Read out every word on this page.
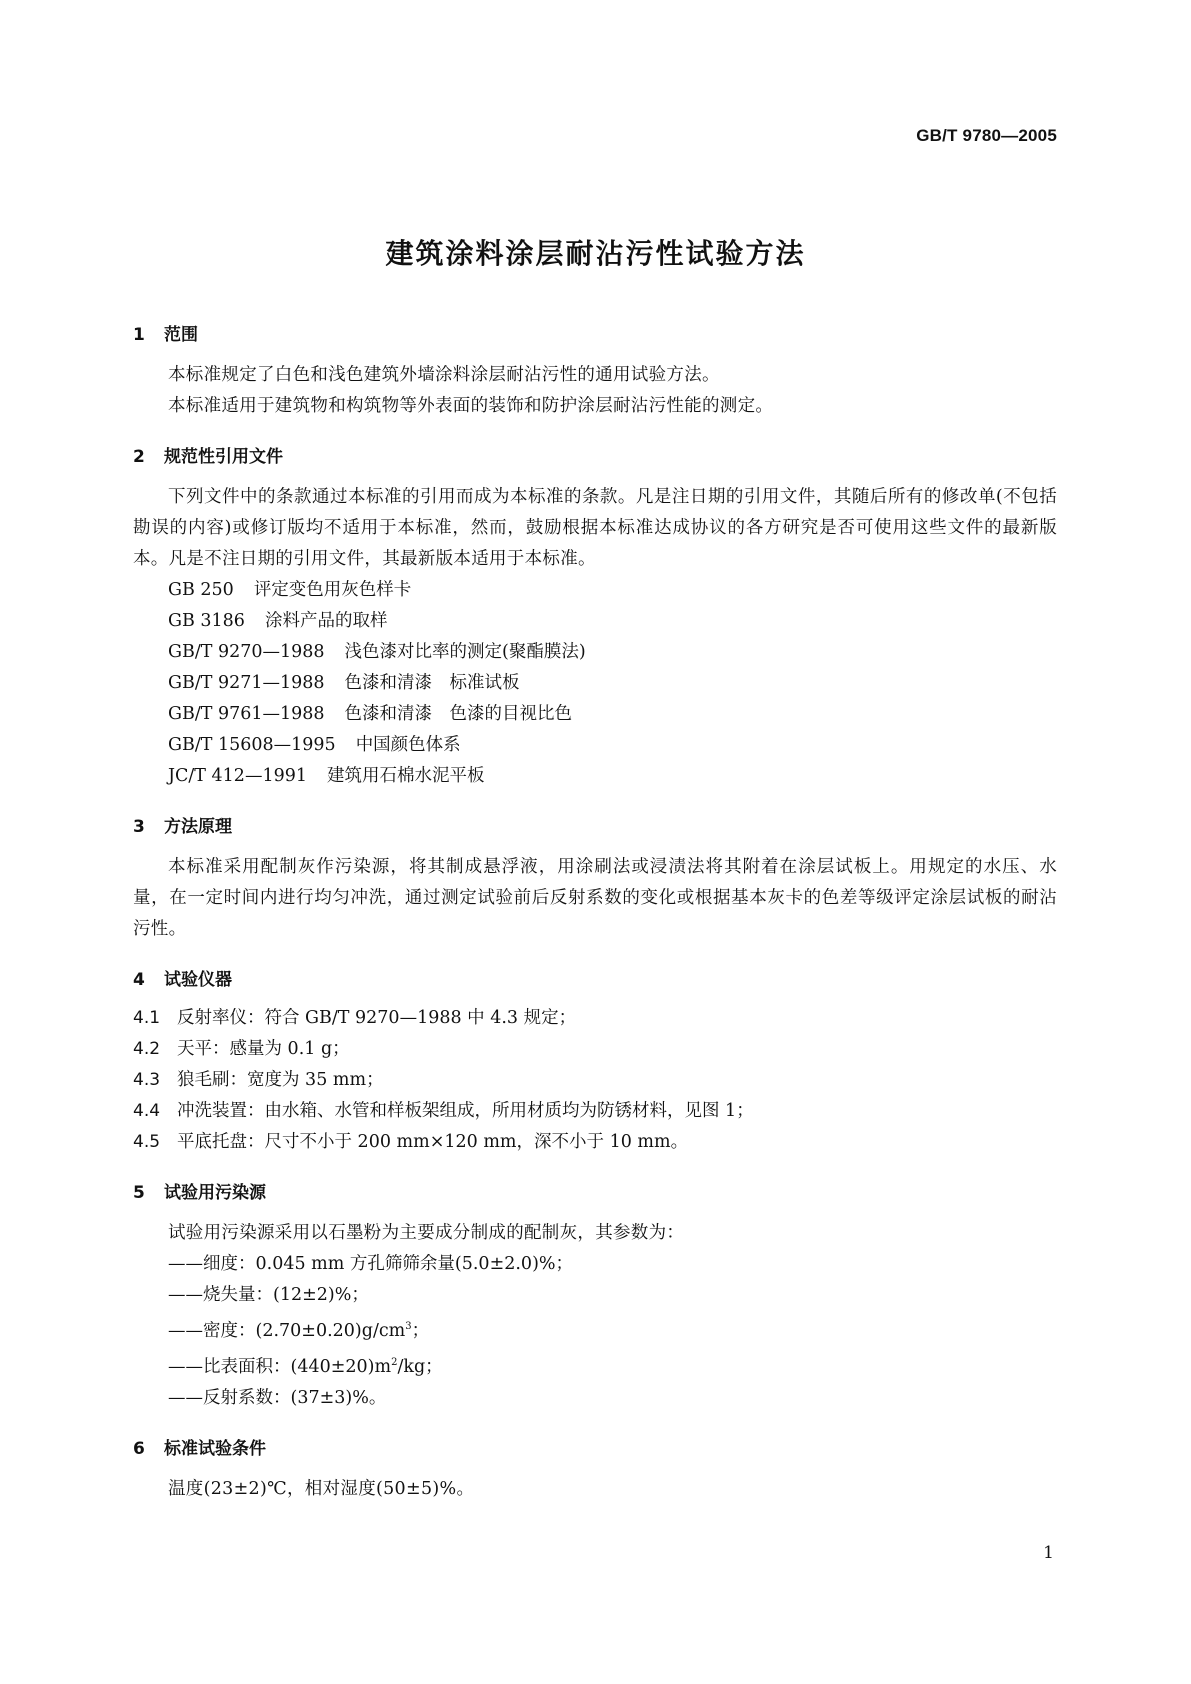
GB/T 9780—2005
建筑涂料涂层耐沾污性试验方法
1 范围
本标准规定了白色和浅色建筑外墙涂料涂层耐沾污性的通用试验方法。
本标准适用于建筑物和构筑物等外表面的装饰和防护涂层耐沾污性能的测定。
2 规范性引用文件
下列文件中的条款通过本标准的引用而成为本标准的条款。凡是注日期的引用文件，其随后所有的修改单(不包括勘误的内容)或修订版均不适用于本标准，然而，鼓励根据本标准达成协议的各方研究是否可使用这些文件的最新版本。凡是不注日期的引用文件，其最新版本适用于本标准。
GB 250 评定变色用灰色样卡
GB 3186 涂料产品的取样
GB/T 9270—1988 浅色漆对比率的测定(聚酯膜法)
GB/T 9271—1988 色漆和清漆　标准试板
GB/T 9761—1988 色漆和清漆　色漆的目视比色
GB/T 15608—1995 中国颜色体系
JC/T 412—1991 建筑用石棉水泥平板
3 方法原理
本标准采用配制灰作污染源，将其制成悬浮液，用涂刷法或浸渍法将其附着在涂层试板上。用规定的水压、水量，在一定时间内进行均匀冲洗，通过测定试验前后反射系数的变化或根据基本灰卡的色差等级评定涂层试板的耐沾污性。
4 试验仪器
4.1 反射率仪：符合 GB/T 9270—1988 中 4.3 规定；
4.2 天平：感量为 0.1 g；
4.3 狼毛刷：宽度为 35 mm；
4.4 冲洗装置：由水箱、水管和样板架组成，所用材质均为防锈材料，见图 1；
4.5 平底托盘：尺寸不小于 200 mm×120 mm，深不小于 10 mm。
5 试验用污染源
试验用污染源采用以石墨粉为主要成分制成的配制灰，其参数为：
——细度：0.045 mm 方孔筛筛余量(5.0±2.0)%；
——烧失量：(12±2)%；
——密度：$(2.70\pm 0.20)g/cm^3$；
——比表面积：$(440\pm 20)m^2/kg$；
——反射系数：(37±3)%。
6 标准试验条件
温度(23±2)℃，相对湿度(50±5)%。
1
